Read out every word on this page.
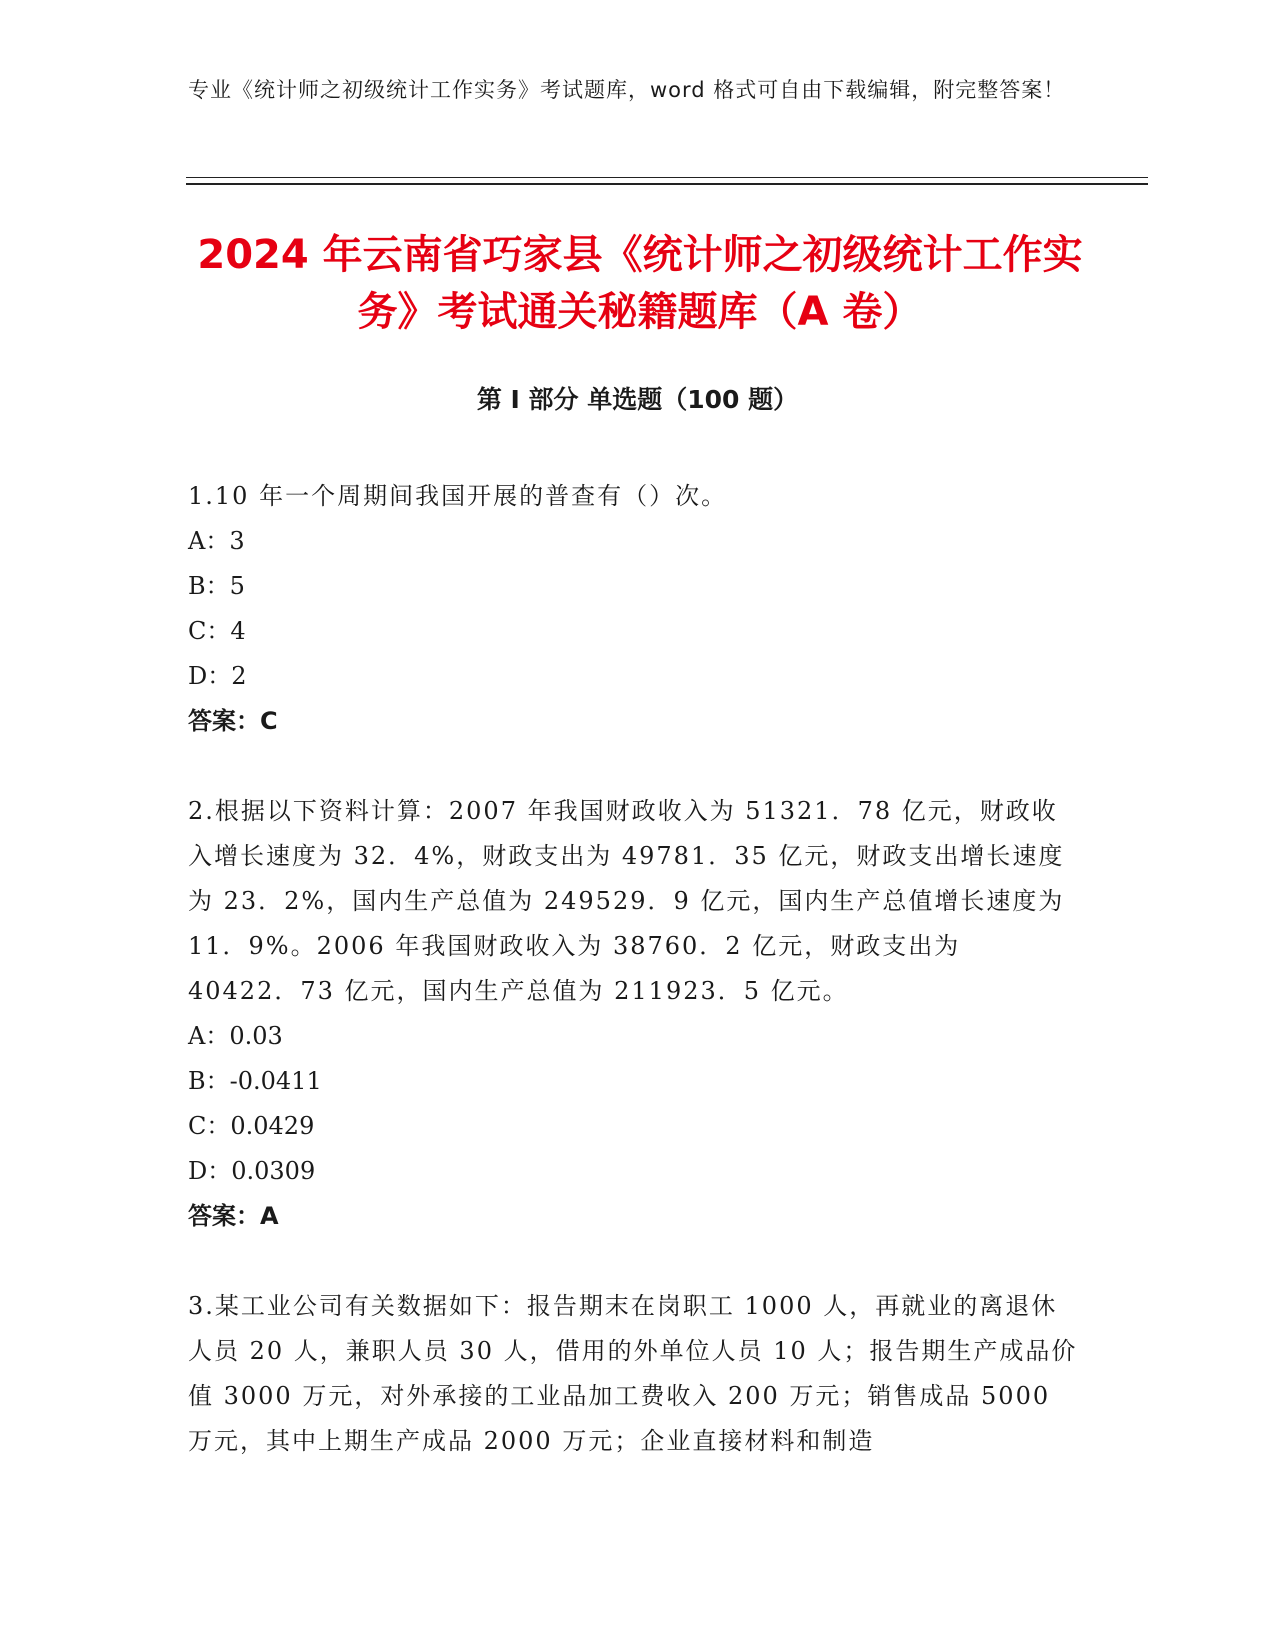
专业《统计师之初级统计工作实务》考试题库，word 格式可自由下载编辑，附完整答案！
2024 年云南省巧家县《统计师之初级统计工作实务》考试通关秘籍题库（A 卷）
第 I 部分 单选题（100 题）
1.10 年一个周期间我国开展的普查有（）次。
A：3
B：5
C：4
D：2
答案：C
2.根据以下资料计算：2007 年我国财政收入为 51321．78 亿元，财政收入增长速度为 32．4%，财政支出为 49781．35 亿元，财政支出增长速度为 23．2%，国内生产总值为 249529．9 亿元，国内生产总值增长速度为 11．9%。2006 年我国财政收入为 38760．2 亿元，财政支出为 40422．73 亿元，国内生产总值为 211923．5 亿元。
A：0.03
B：-0.0411
C：0.0429
D：0.0309
答案：A
3.某工业公司有关数据如下：报告期末在岗职工 1000 人，再就业的离退休人员 20 人，兼职人员 30 人，借用的外单位人员 10 人；报告期生产成品价值 3000 万元，对外承接的工业品加工费收入 200 万元；销售成品 5000 万元，其中上期生产成品 2000 万元；企业直接材料和制造
